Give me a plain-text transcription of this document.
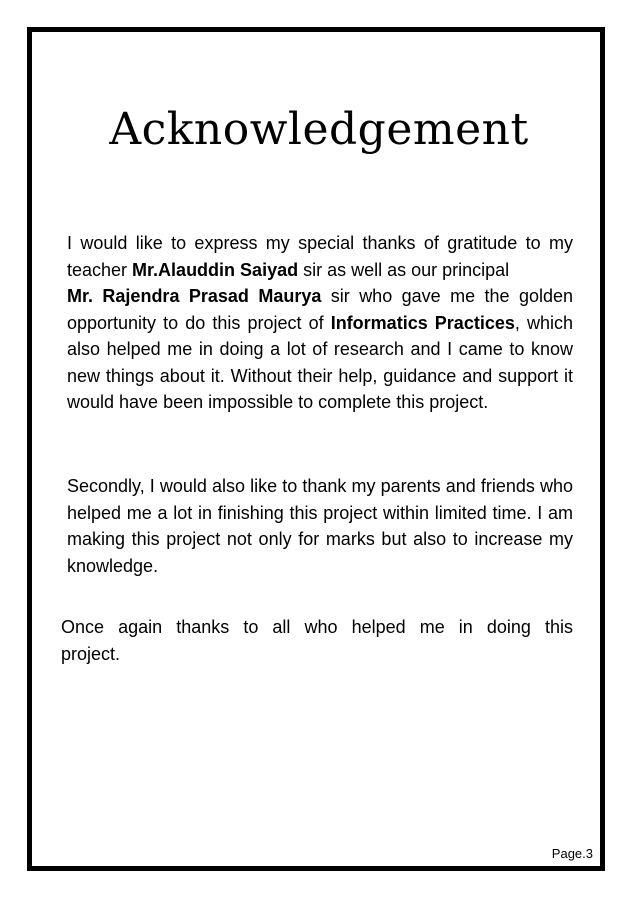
Acknowledgement

I would like to express my special thanks of gratitude to my teacher Mr.Alauddin Saiyad sir as well as our principal
Mr. Rajendra Prasad Maurya sir who gave me the golden opportunity to do this project of Informatics Practices, which also helped me in doing a lot of research and I came to know new things about it. Without their help, guidance and support it would have been impossible to complete this project.

Secondly, I would also like to thank my parents and friends who helped me a lot in finishing this project within limited time. I am making this project not only for marks but also to increase my knowledge.

Once again thanks to all who helped me in doing this project.

Page.3
